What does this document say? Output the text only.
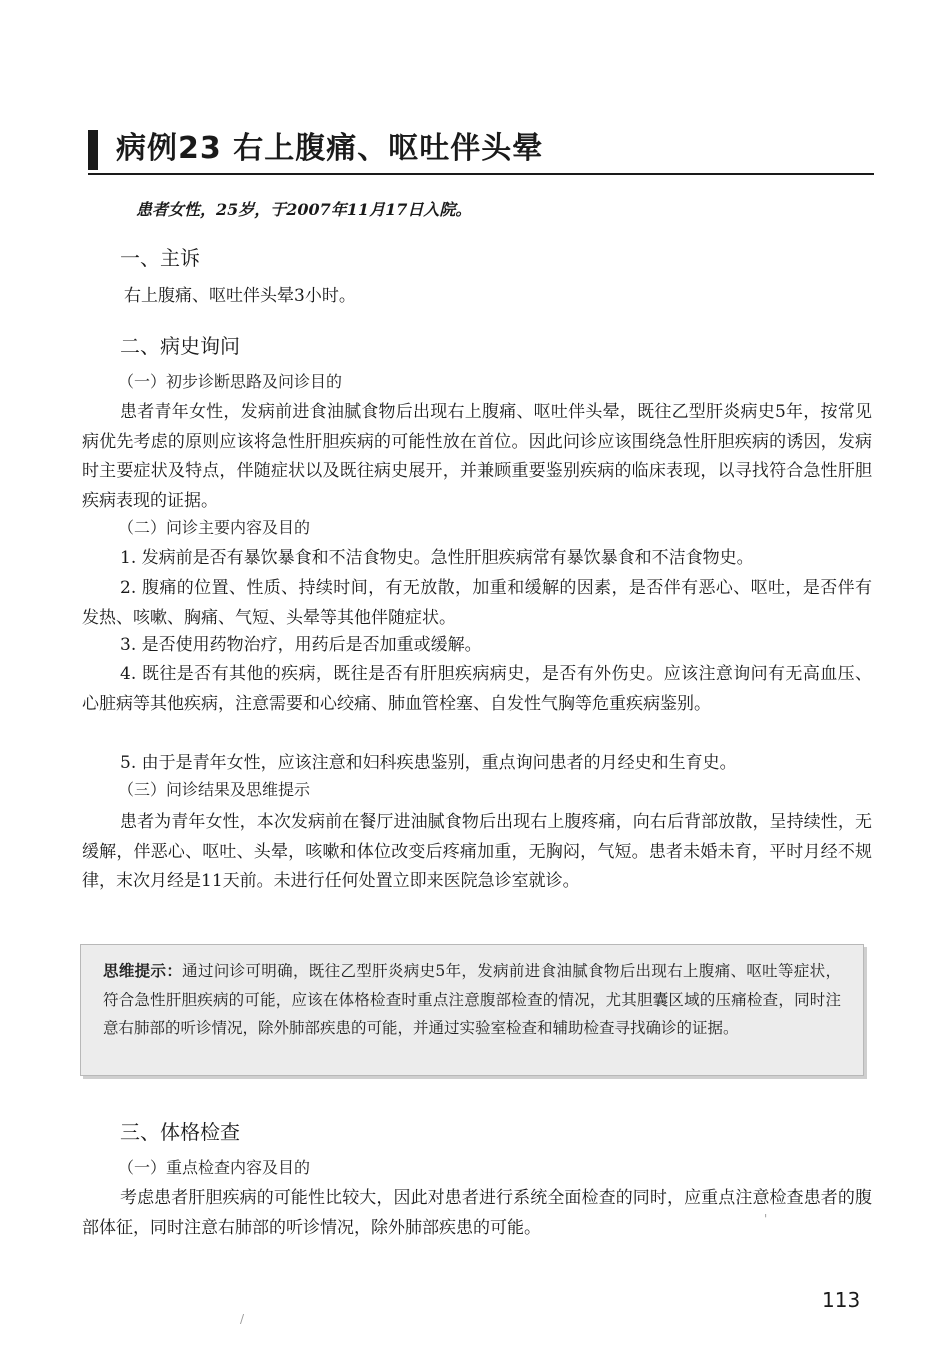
病例23 右上腹痛、呕吐伴头晕
患者女性，25岁，于2007年11月17日入院。
一、主诉

右上腹痛、呕吐伴头晕3小时。

二、病史询问
（一）初步诊断思路及问诊目的

患者青年女性，发病前进食油腻食物后出现右上腹痛、呕吐伴头晕，既往乙型肝炎病史5年，按常见病优先考虑的原则应该将急性肝胆疾病的可能性放在首位。因此问诊应该围绕急性肝胆疾病的诱因，发病时主要症状及特点，伴随症状以及既往病史展开，并兼顾重要鉴别疾病的临床表现，以寻找符合急性肝胆疾病表现的证据。

（二）问诊主要内容及目的

1. 发病前是否有暴饮暴食和不洁食物史。急性肝胆疾病常有暴饮暴食和不洁食物史。

2. 腹痛的位置、性质、持续时间，有无放散，加重和缓解的因素，是否伴有恶心、呕吐，是否伴有发热、咳嗽、胸痛、气短、头晕等其他伴随症状。

3. 是否使用药物治疗，用药后是否加重或缓解。

4. 既往是否有其他的疾病，既往是否有肝胆疾病病史，是否有外伤史。应该注意询问有无高血压、心脏病等其他疾病，注意需要和心绞痛、肺血管栓塞、自发性气胸等危重疾病鉴别。

5. 由于是青年女性，应该注意和妇科疾患鉴别，重点询问患者的月经史和生育史。

（三）问诊结果及思维提示

患者为青年女性，本次发病前在餐厅进油腻食物后出现右上腹疼痛，向右后背部放散，呈持续性，无缓解，伴恶心、呕吐、头晕，咳嗽和体位改变后疼痛加重，无胸闷，气短。患者未婚未育，平时月经不规律，末次月经是11天前。未进行任何处置立即来医院急诊室就诊。

思维提示：通过问诊可明确，既往乙型肝炎病史5年，发病前进食油腻食物后出现右上腹痛、呕吐等症状，符合急性肝胆疾病的可能，应该在体格检查时重点注意腹部检查的情况，尤其胆囊区域的压痛检查，同时注意右肺部的听诊情况，除外肺部疾患的可能，并通过实验室检查和辅助检查寻找确诊的证据。

三、体格检查
（一）重点检查内容及目的

考虑患者肝胆疾病的可能性比较大，因此对患者进行系统全面检查的同时，应重点注意检查患者的腹部体征，同时注意右肺部的听诊情况，除外肺部疾患的可能。

113
'
/
